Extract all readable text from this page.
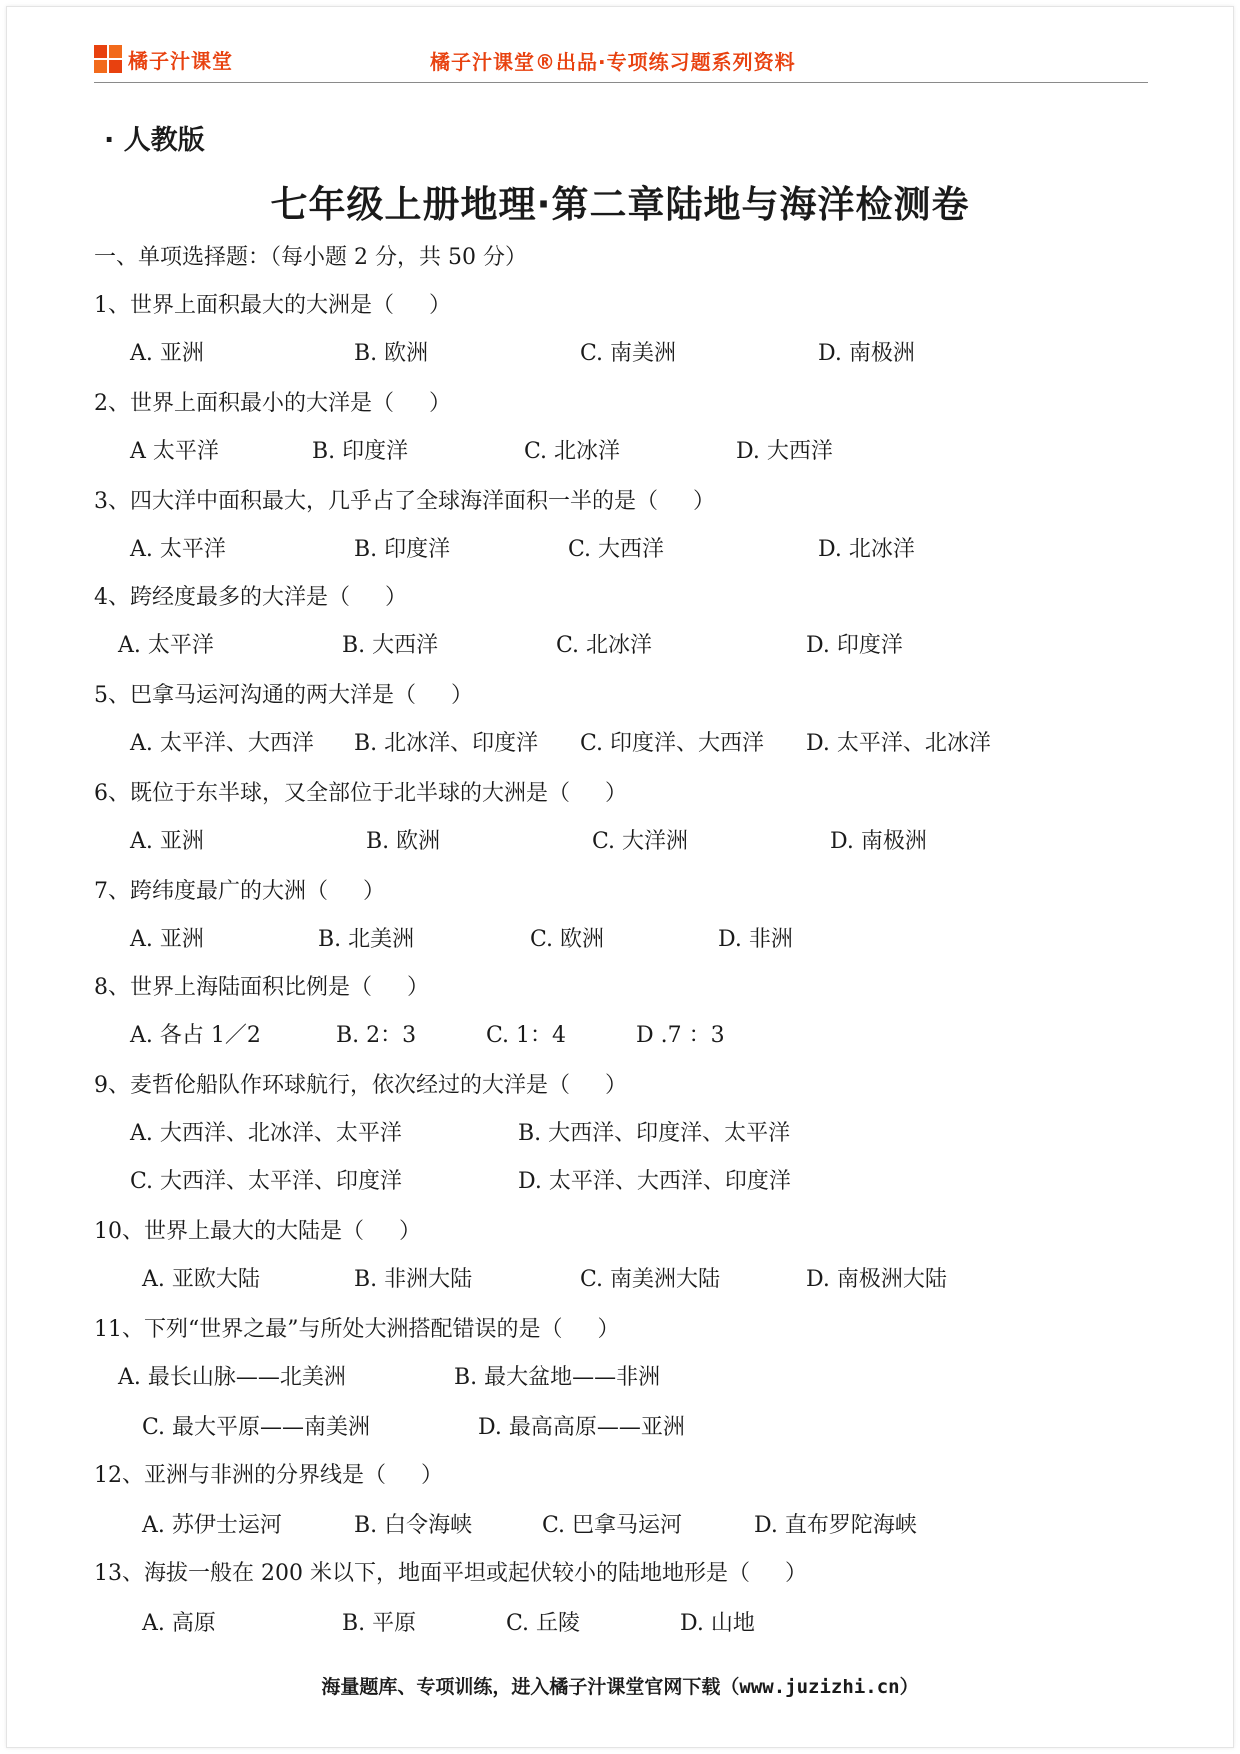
橘子汁课堂	橘子汁课堂®出品·专项练习题系列资料
· 人教版
七年级上册地理·第二章陆地与海洋检测卷
一、单项选择题：（每小题 2 分，共 50 分）
1、世界上面积最大的大洲是（     ）
A. 亚洲	B. 欧洲	C. 南美洲	D. 南极洲
2、世界上面积最小的大洋是（     ）
A 太平洋	B. 印度洋	C. 北冰洋	D. 大西洋
3、四大洋中面积最大，几乎占了全球海洋面积一半的是（     ）
A. 太平洋	B. 印度洋	C. 大西洋	D. 北冰洋
4、跨经度最多的大洋是（     ）
A. 太平洋	B. 大西洋	C. 北冰洋	D. 印度洋
5、巴拿马运河沟通的两大洋是（     ）
A. 太平洋、大西洋 B. 北冰洋、印度洋 C. 印度洋、大西洋 D. 太平洋、北冰洋
6、既位于东半球，又全部位于北半球的大洲是（     ）
A. 亚洲	B. 欧洲	C. 大洋洲	D. 南极洲
7、跨纬度最广的大洲（     ）
A. 亚洲	B. 北美洲	C. 欧洲	D. 非洲
8、世界上海陆面积比例是（     ）
A. 各占 1／2	B. 2：3	C. 1：4	D .7 ：3
9、麦哲伦船队作环球航行，依次经过的大洋是（     ）
A. 大西洋、北冰洋、太平洋	B. 大西洋、印度洋、太平洋
C. 大西洋、太平洋、印度洋	D. 太平洋、大西洋、印度洋
10、世界上最大的大陆是（     ）
A. 亚欧大陆	B. 非洲大陆	C. 南美洲大陆	D. 南极洲大陆
11、下列“世界之最”与所处大洲搭配错误的是（     ）
A. 最长山脉——北美洲	B. 最大盆地——非洲
C. 最大平原——南美洲	D. 最高高原——亚洲
12、亚洲与非洲的分界线是（     ）
A. 苏伊士运河	B. 白令海峡	C. 巴拿马运河	D. 直布罗陀海峡
13、海拔一般在 200 米以下，地面平坦或起伏较小的陆地地形是（     ）
A. 高原	B. 平原	C. 丘陵	D. 山地
海量题库、专项训练，进入橘子汁课堂官网下载（www.juzizhi.cn）
